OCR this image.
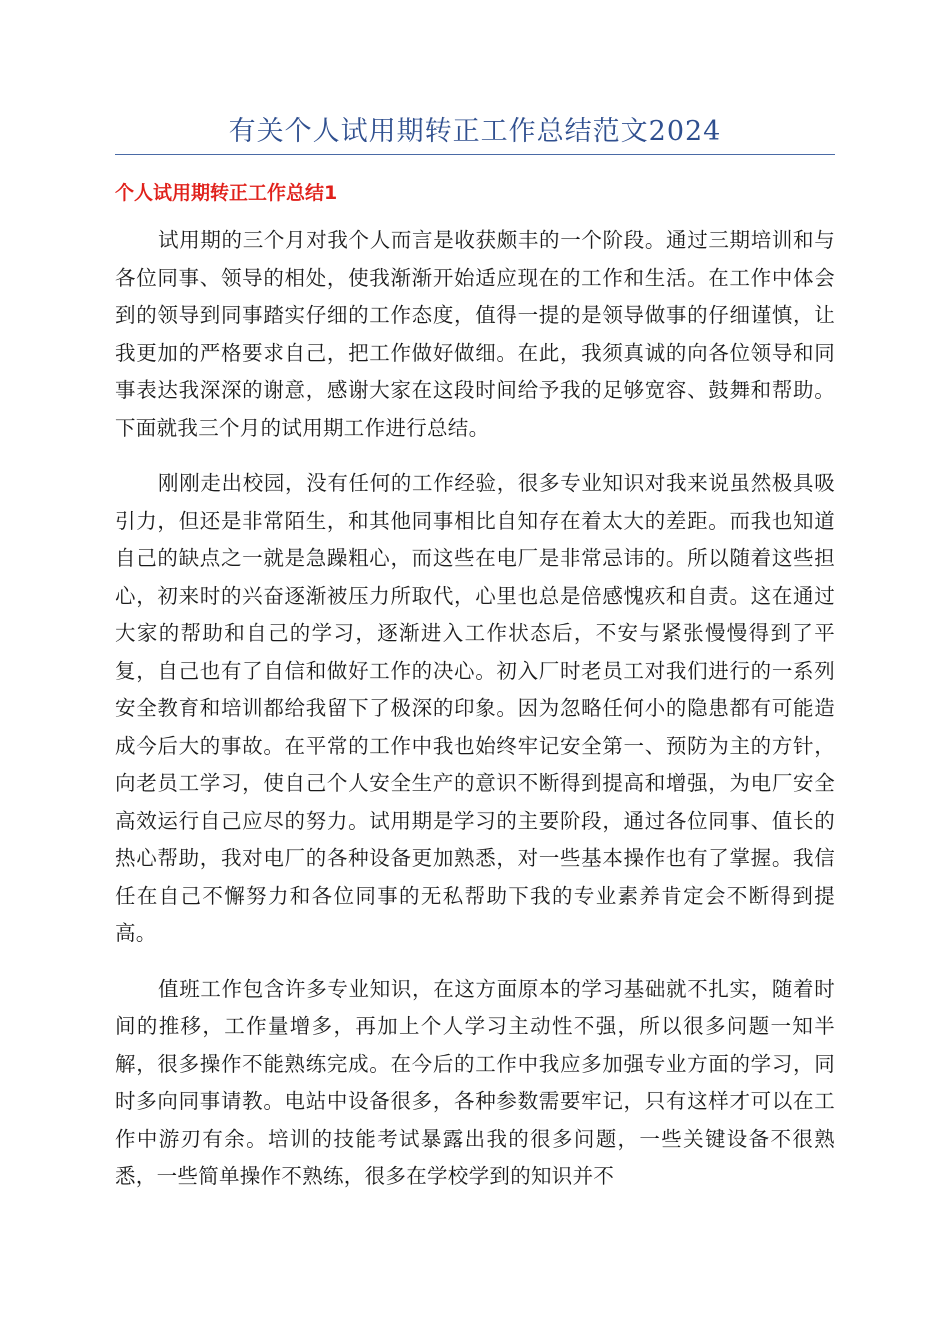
有关个人试用期转正工作总结范文2024
个人试用期转正工作总结1

试用期的三个月对我个人而言是收获颇丰的一个阶段。通过三期培训和与各位同事、领导的相处，使我渐渐开始适应现在的工作和生活。在工作中体会到的领导到同事踏实仔细的工作态度，值得一提的是领导做事的仔细谨慎，让我更加的严格要求自己，把工作做好做细。在此，我须真诚的向各位领导和同事表达我深深的谢意，感谢大家在这段时间给予我的足够宽容、鼓舞和帮助。下面就我三个月的试用期工作进行总结。

刚刚走出校园，没有任何的工作经验，很多专业知识对我来说虽然极具吸引力，但还是非常陌生，和其他同事相比自知存在着太大的差距。而我也知道自己的缺点之一就是急躁粗心，而这些在电厂是非常忌讳的。所以随着这些担心，初来时的兴奋逐渐被压力所取代，心里也总是倍感愧疚和自责。这在通过大家的帮助和自己的学习，逐渐进入工作状态后，不安与紧张慢慢得到了平复，自己也有了自信和做好工作的决心。初入厂时老员工对我们进行的一系列安全教育和培训都给我留下了极深的印象。因为忽略任何小的隐患都有可能造成今后大的事故。在平常的工作中我也始终牢记安全第一、预防为主的方针，向老员工学习，使自己个人安全生产的意识不断得到提高和增强，为电厂安全高效运行自己应尽的努力。试用期是学习的主要阶段，通过各位同事、值长的热心帮助，我对电厂的各种设备更加熟悉，对一些基本操作也有了掌握。我信任在自己不懈努力和各位同事的无私帮助下我的专业素养肯定会不断得到提高。

值班工作包含许多专业知识，在这方面原本的学习基础就不扎实，随着时间的推移，工作量增多，再加上个人学习主动性不强，所以很多问题一知半解，很多操作不能熟练完成。在今后的工作中我应多加强专业方面的学习，同时多向同事请教。电站中设备很多，各种参数需要牢记，只有这样才可以在工作中游刃有余。培训的技能考试暴露出我的很多问题，一些关键设备不很熟悉，一些简单操作不熟练，很多在学校学到的知识并不
